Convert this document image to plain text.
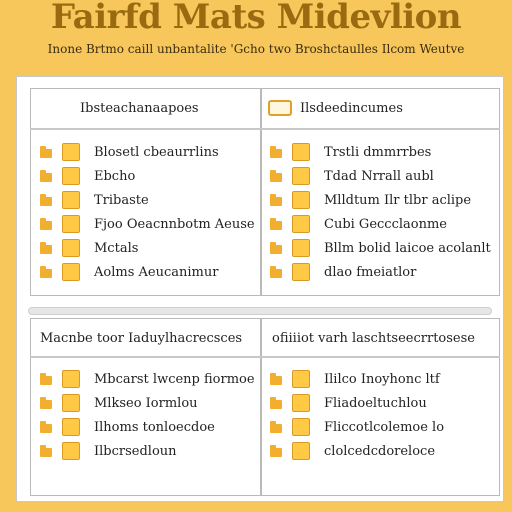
Fairfd Mats Midevlion
Inone Brtmo caill unbantalite 'Gcho two Broshctaulles Ilcom Weutve
Ibsteachanaapoes	Ilsdeedincumes
Blosetl cbeaurrlins
Ebcho
Tribaste
Fjoo Oeacnnbotm Aeuse
Mctals
Aolms Aeucanimur
Trstli dmmrrbes
Tdad Nrrall aubl
Mlldtum Ilr tlbr aclipe
Cubi Geccclaonme
Bllm bolid laicoe acolanlt
dlao fmeiatlor
Macnbe toor Iaduylhacrecsces ofiiiiot varh laschtseecrrtosese
Mbcarst lwcenp fiormoe
Mlkseo Iormlou
Ilhoms tonloecdoe
Ilbcrsedloun
Ililco Inoyhonc ltf
Fliadoeltuchlou
Fliccotlcolemoe lo
clolcedcdoreloce
